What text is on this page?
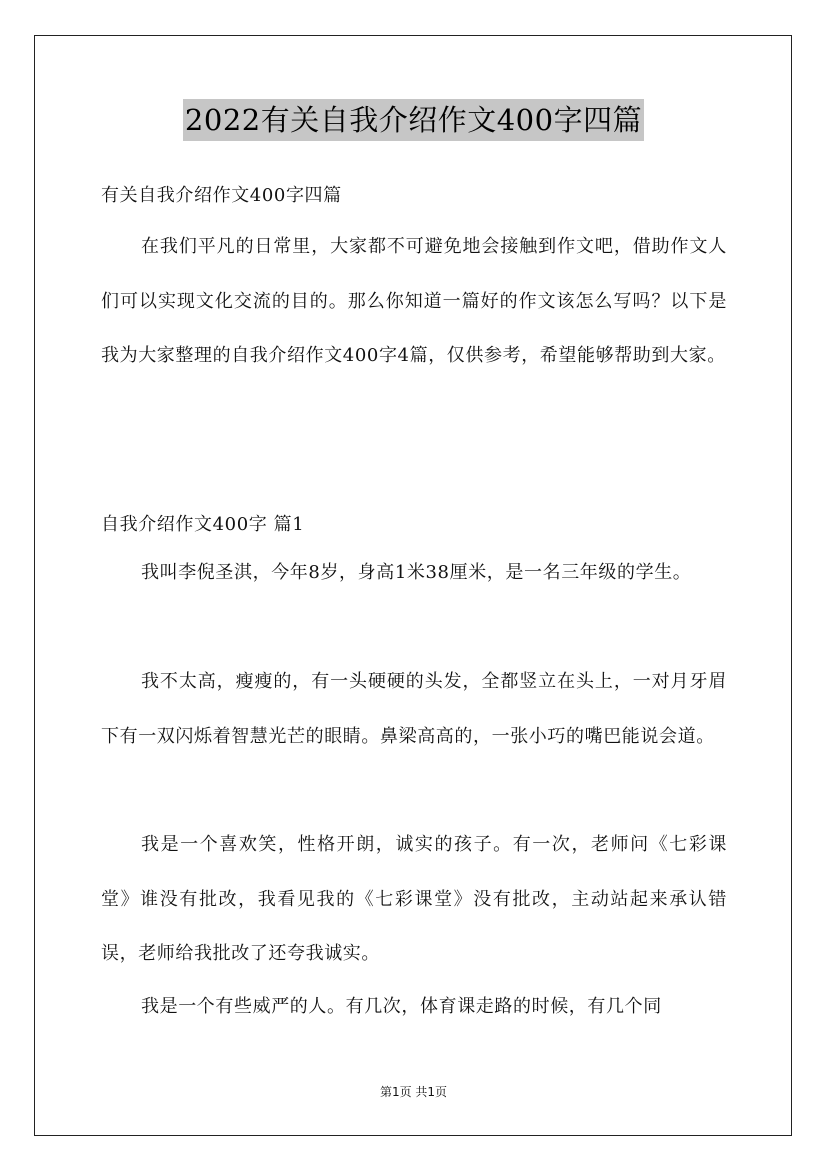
2022有关自我介绍作文400字四篇
有关自我介绍作文400字四篇
在我们平凡的日常里，大家都不可避免地会接触到作文吧，借助作文人们可以实现文化交流的目的。那么你知道一篇好的作文该怎么写吗？以下是我为大家整理的自我介绍作文400字4篇，仅供参考，希望能够帮助到大家。
自我介绍作文400字 篇1
我叫李倪圣淇，今年8岁，身高1米38厘米，是一名三年级的学生。
我不太高，瘦瘦的，有一头硬硬的头发，全都竖立在头上，一对月牙眉下有一双闪烁着智慧光芒的眼睛。鼻梁高高的，一张小巧的嘴巴能说会道。
我是一个喜欢笑，性格开朗，诚实的孩子。有一次，老师问《七彩课堂》谁没有批改，我看见我的《七彩课堂》没有批改，主动站起来承认错误，老师给我批改了还夸我诚实。
我是一个有些威严的人。有几次，体育课走路的时候，有几个同
第1页 共1页
